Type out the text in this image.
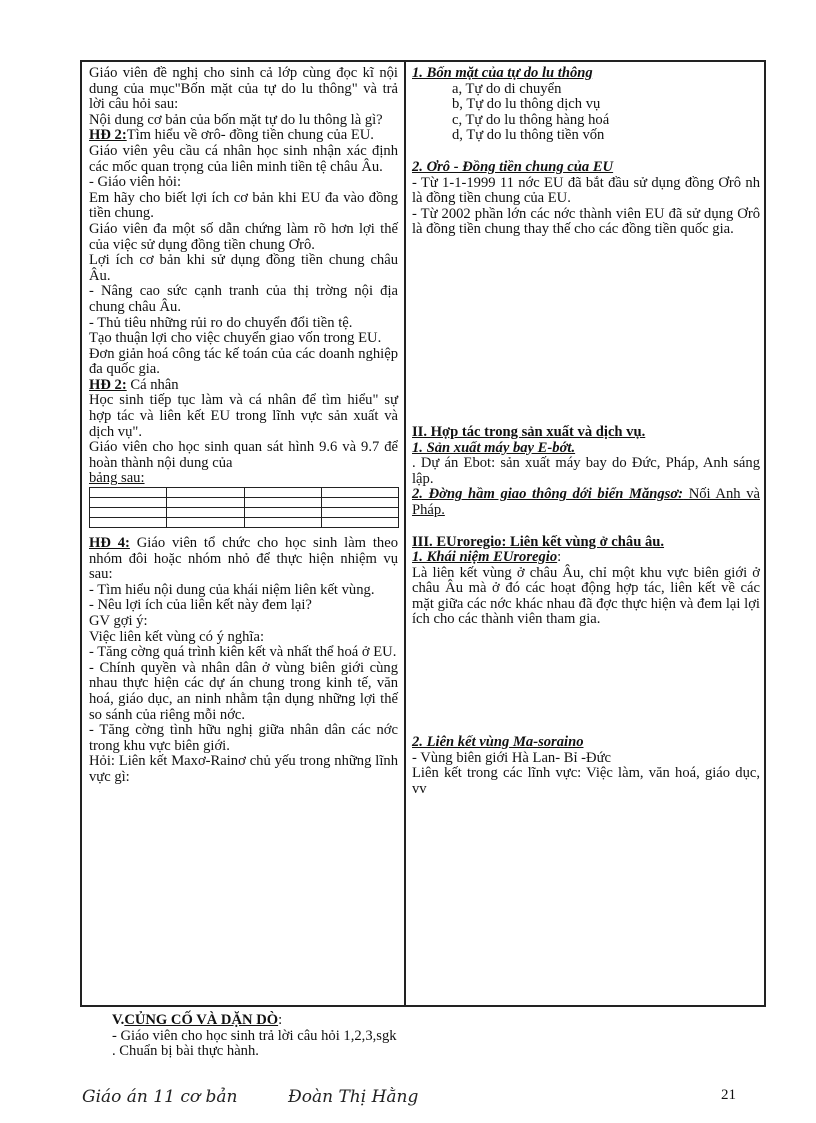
Giáo viên đề nghị cho sinh cả lớp cùng đọc kĩ nội dung của mục"Bốn mặt của tự do lu thông" và trả lời câu hỏi sau:

Nội dung cơ bản của bốn mặt tự do lu thông là gì?

HĐ 2:Tìm hiểu về ơrô- đồng tiền chung của EU.

Giáo viên yêu cầu cá nhân học sinh nhận xác định các mốc quan trọng của liên minh tiền tệ châu Âu.

- Giáo viên hỏi:

Em hãy cho biết lợi ích cơ bản khi EU đa vào đồng tiền chung.

Giáo viên đa một số dẫn chứng làm rõ hơn lợi thế của việc sử dụng đồng tiền chung Ơrô.

Lợi ích cơ bản khi sử dụng đồng tiền chung châu Âu.

- Nâng cao sức cạnh tranh của thị trờng nội địa chung châu Âu.

- Thủ tiêu những rủi ro do chuyển đổi tiền tệ.

Tạo thuận lợi cho việc chuyển giao vốn trong EU.

Đơn giản hoá công tác kế toán của các doanh nghiệp đa quốc gia.

HĐ 2: Cá nhân

Học sinh tiếp tục làm và cá nhân để tìm hiểu" sự hợp tác và liên kết EU trong lĩnh vực sản xuất và dịch vụ".

Giáo viên cho học sinh quan sát hình 9.6 và 9.7 để hoàn thành nội dung của

bảng sau:

HĐ 4: Giáo viên tổ chức cho học sinh làm theo nhóm đôi hoặc nhóm nhỏ để thực hiện nhiệm vụ sau:

- Tìm hiểu nội dung của khái niệm liên kết vùng.

- Nêu lợi ích của liên kết này đem lại?

GV gợi ý:

Việc liên kết vùng có ý nghĩa:

- Tăng cờng quá trình kiên kết và nhất thể hoá ở EU.

- Chính quyền và nhân dân ở vùng biên giới cùng nhau thực hiện các dự án chung trong kinh tế, văn hoá, giáo dục, an ninh nhằm tận dụng những lợi thế so sánh của riêng mỗi nớc.

- Tăng cờng tình hữu nghị giữa nhân dân các nớc trong khu vực biên giới.

Hỏi: Liên kết Maxơ-Rainơ chủ yếu trong những lĩnh vực gì:

1. Bốn mặt của tự do lu thông

a, Tự do di chuyển

b, Tự do lu thông dịch vụ

c, Tự do lu thông hàng hoá

d, Tự do lu thông tiền vốn

2. Ơrô - Đồng tiền chung của EU

- Từ 1-1-1999 11 nớc EU đã bắt đầu sử dụng đồng Ơrô nh là đồng tiền chung của EU.

- Từ 2002 phần lớn các nớc thành viên EU đã sử dụng Ơrô là đồng tiền chung thay thế cho các đồng tiền quốc gia.

II. Hợp tác trong sản xuất và dịch vụ.

1. Sản xuất máy bay E-bớt.

. Dự án Ebot: sản xuất máy bay do Đức, Pháp, Anh sáng lập.

2. Đờng hầm giao thông dới biển Măngsơ: Nối Anh và Pháp.

III. EUroregio: Liên kết vùng ở châu âu.

1. Khái niệm EUroregio:

Là liên kết vùng ở châu Âu, chỉ một khu vực biên giới ở châu Âu mà ở đó các hoạt động hợp tác, liên kết về các mặt giữa các nớc khác nhau đã đợc thực hiện và đem lại lợi ích cho các thành viên tham gia.

2. Liên kết vùng Ma-soraino

- Vùng biên giới Hà Lan- Bỉ -Đức

Liên kết trong các lĩnh vực: Việc làm, văn hoá, giáo dục, vv

V.CỦNG CỐ VÀ DẶN DÒ:

- Giáo viên cho học sinh trả lời câu hỏi 1,2,3,sgk

. Chuẩn bị bài thực hành.

Giáo án 11 cơ bản	Đoàn Thị Hằng	21
